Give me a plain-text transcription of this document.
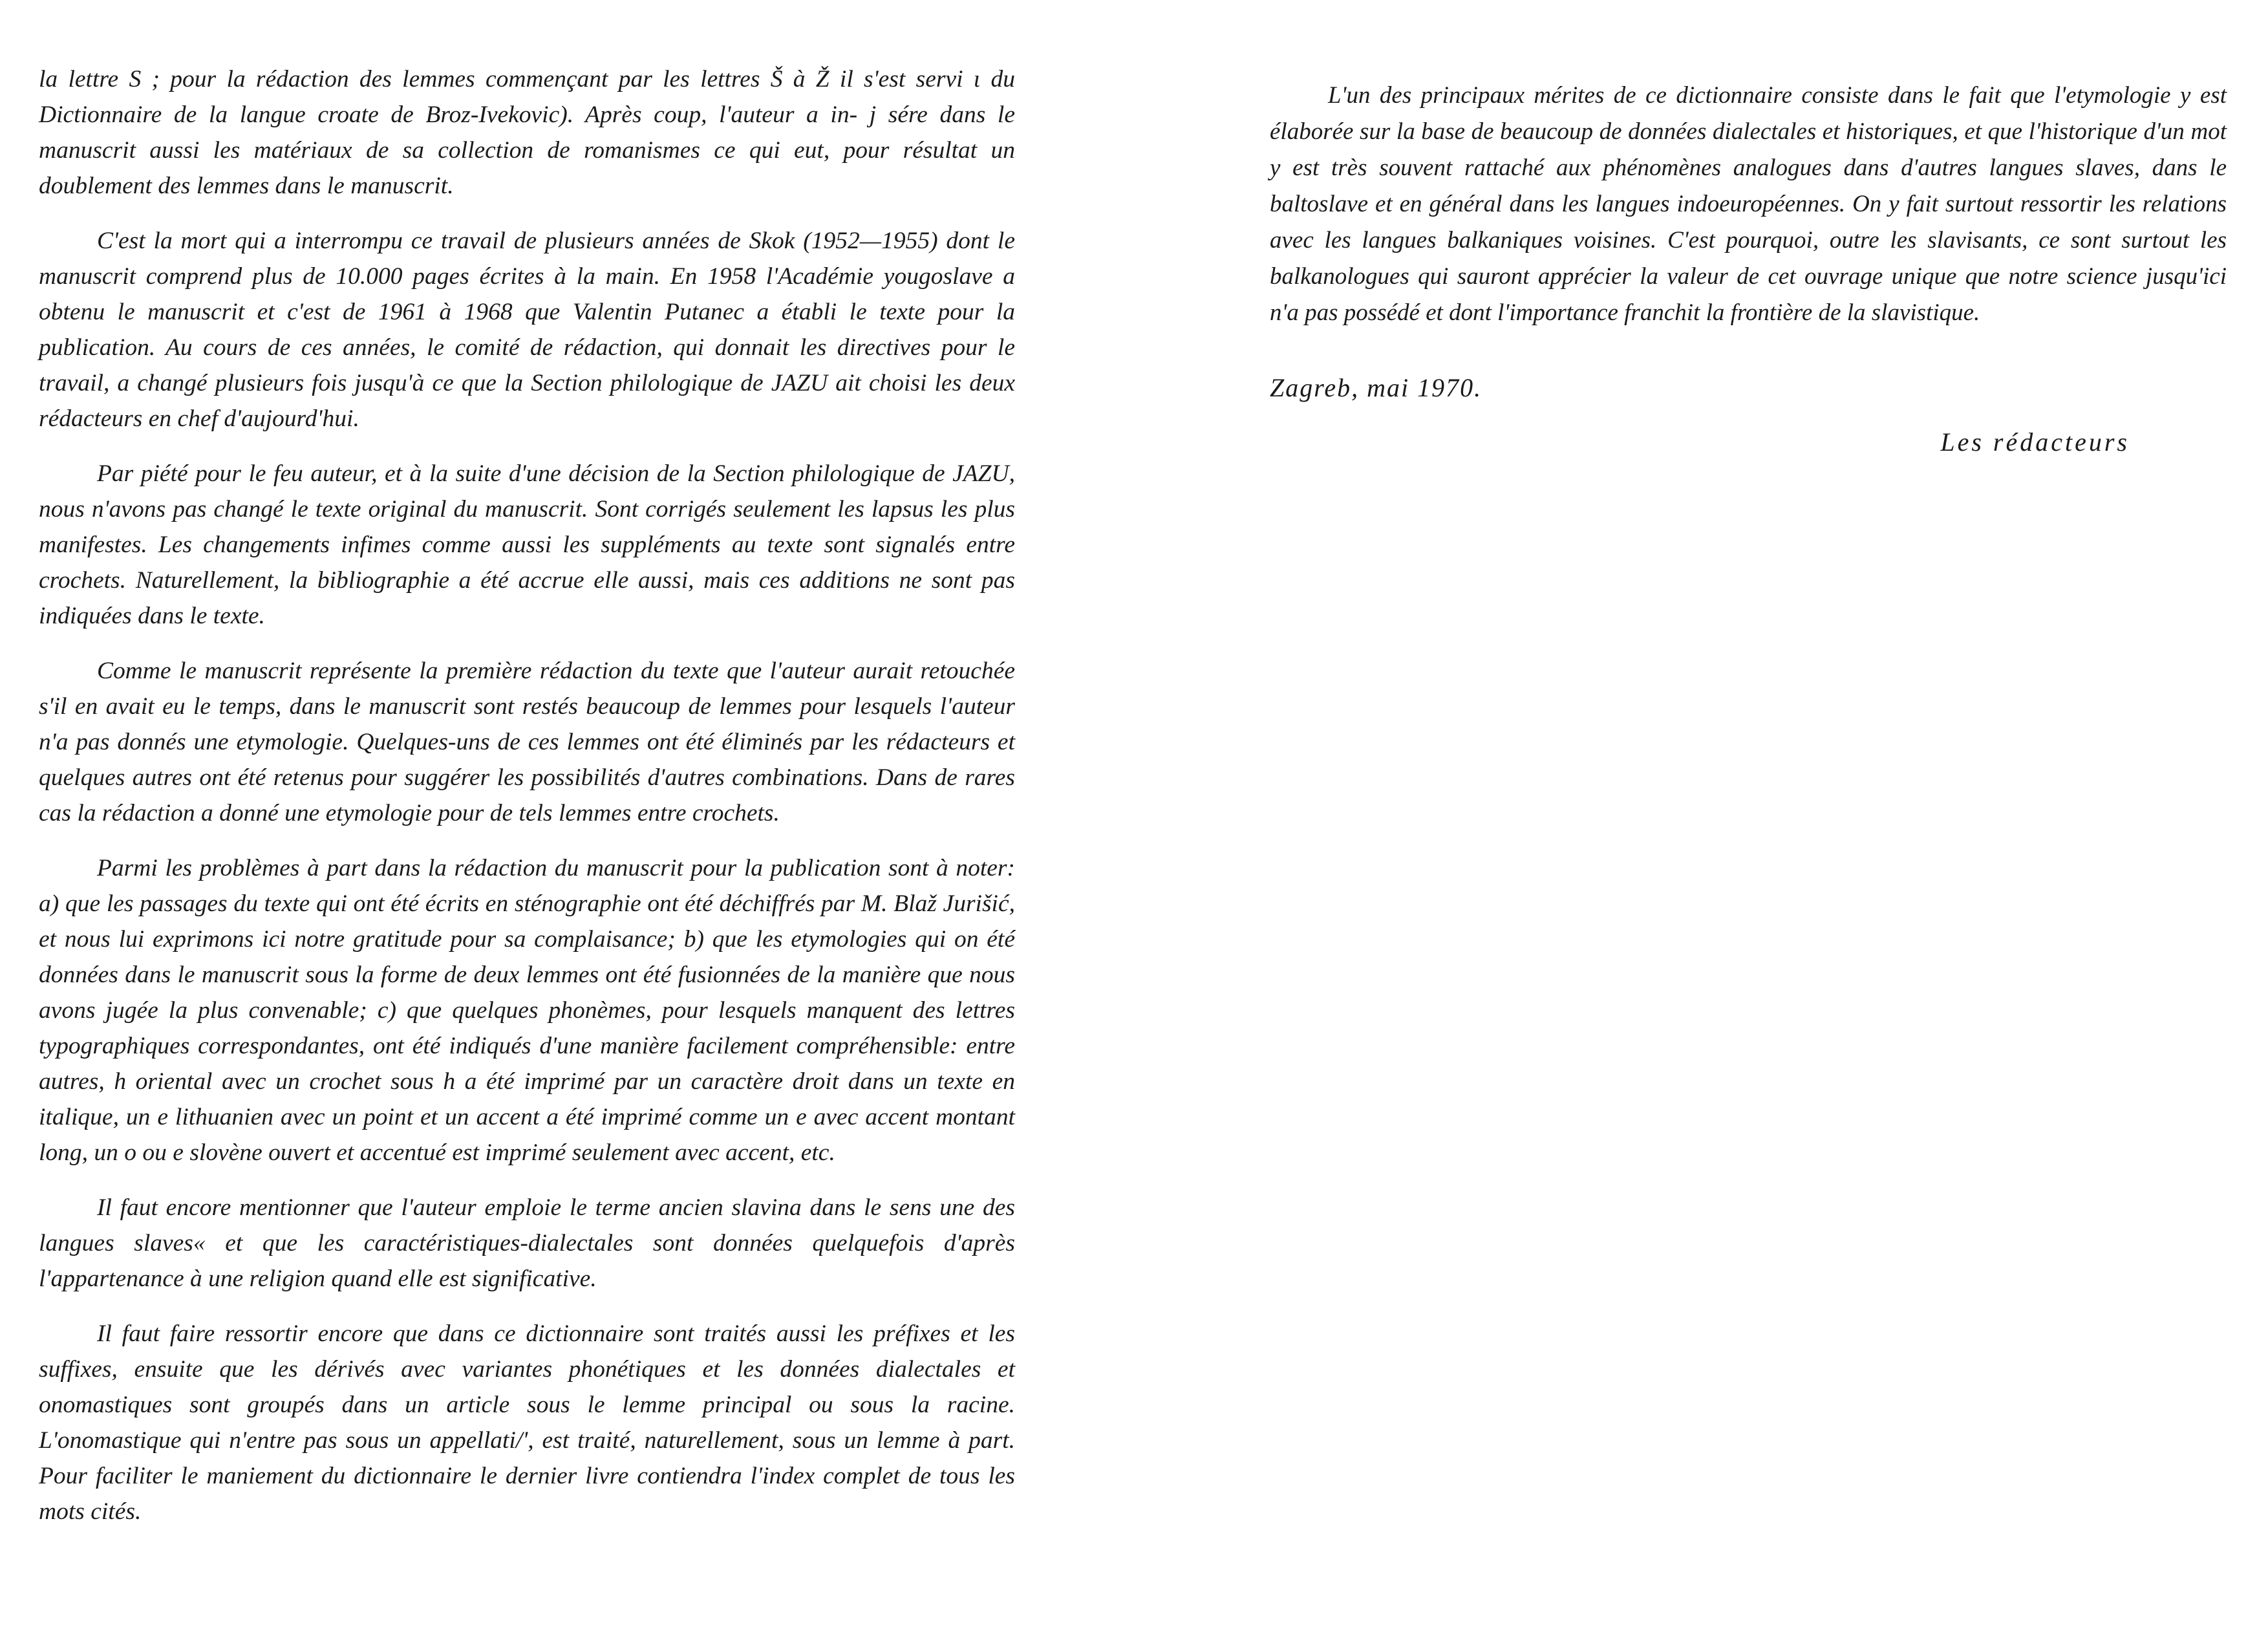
la lettre S ; pour la rédaction des lemmes commençant par les lettres Š à Ž il s'est servi ι du Dictionnaire de la langue croate de Broz-Ivekovic). Après coup, l'auteur a in- j sére dans le manuscrit aussi les matériaux de sa collection de romanismes ce qui eut, pour résultat un doublement des lemmes dans le manuscrit.

C'est la mort qui a interrompu ce travail de plusieurs années de Skok (1952—1955) dont le manuscrit comprend plus de 10.000 pages écrites à la main. En 1958 l'Académie yougoslave a obtenu le manuscrit et c'est de 1961 à 1968 que Valentin Putanec a établi le texte pour la publication. Au cours de ces années, le comité de rédaction, qui donnait les directives pour le travail, a changé plusieurs fois jusqu'à ce que la Section philologique de JAZU ait choisi les deux rédacteurs en chef d'aujourd'hui.

Par piété pour le feu auteur, et à la suite d'une décision de la Section philologique de JAZU, nous n'avons pas changé le texte original du manuscrit. Sont corrigés seulement les lapsus les plus manifestes. Les changements infimes comme aussi les suppléments au texte sont signalés entre crochets. Naturellement, la bibliographie a été accrue elle aussi, mais ces additions ne sont pas indiquées dans le texte.

Comme le manuscrit représente la première rédaction du texte que l'auteur aurait retouchée s'il en avait eu le temps, dans le manuscrit sont restés beaucoup de lemmes pour lesquels l'auteur n'a pas donnés une etymologie. Quelques-uns de ces lemmes ont été éliminés par les rédacteurs et quelques autres ont été retenus pour suggérer les possibilités d'autres combinations. Dans de rares cas la rédaction a donné une etymologie pour de tels lemmes entre crochets.

Parmi les problèmes à part dans la rédaction du manuscrit pour la publication sont à noter: a) que les passages du texte qui ont été écrits en sténographie ont été déchiffrés par M. Blaž Jurišić, et nous lui exprimons ici notre gratitude pour sa complaisance; b) que les etymologies qui on été données dans le manuscrit sous la forme de deux lemmes ont été fusionnées de la manière que nous avons jugée la plus convenable; c) que quelques phonèmes, pour lesquels manquent des lettres typographiques correspondantes, ont été indiqués d'une manière facilement compréhensible: entre autres, h oriental avec un crochet sous h a été imprimé par un caractère droit dans un texte en italique, un e lithuanien avec un point et un accent a été imprimé comme un e avec accent montant long, un o ou e slovène ouvert et accentué est imprimé seulement avec accent, etc.

Il faut encore mentionner que l'auteur emploie le terme ancien slavina dans le sens une des langues slaves« et que les caractéristiques-dialectales sont données quelquefois d'après l'appartenance à une religion quand elle est significative.

Il faut faire ressortir encore que dans ce dictionnaire sont traités aussi les préfixes et les suffixes, ensuite que les dérivés avec variantes phonétiques et les données dialectales et onomastiques sont groupés dans un article sous le lemme principal ou sous la racine. L'onomastique qui n'entre pas sous un appellati/', est traité, naturellement, sous un lemme à part. Pour faciliter le maniement du dictionnaire le dernier livre contiendra l'index complet de tous les mots cités.

L'un des principaux mérites de ce dictionnaire consiste dans le fait que l'etymologie y est élaborée sur la base de beaucoup de données dialectales et historiques, et que l'historique d'un mot y est très souvent rattaché aux phénomènes analogues dans d'autres langues slaves, dans le baltoslave et en général dans les langues indoeuropéennes. On y fait surtout ressortir les relations avec les langues balkaniques voisines. C'est pourquoi, outre les slavisants, ce sont surtout les balkanologues qui sauront apprécier la valeur de cet ouvrage unique que notre science jusqu'ici n'a pas possédé et dont l'importance franchit la frontière de la slavistique.

Zagreb, mai 1970.

Les rédacteurs
